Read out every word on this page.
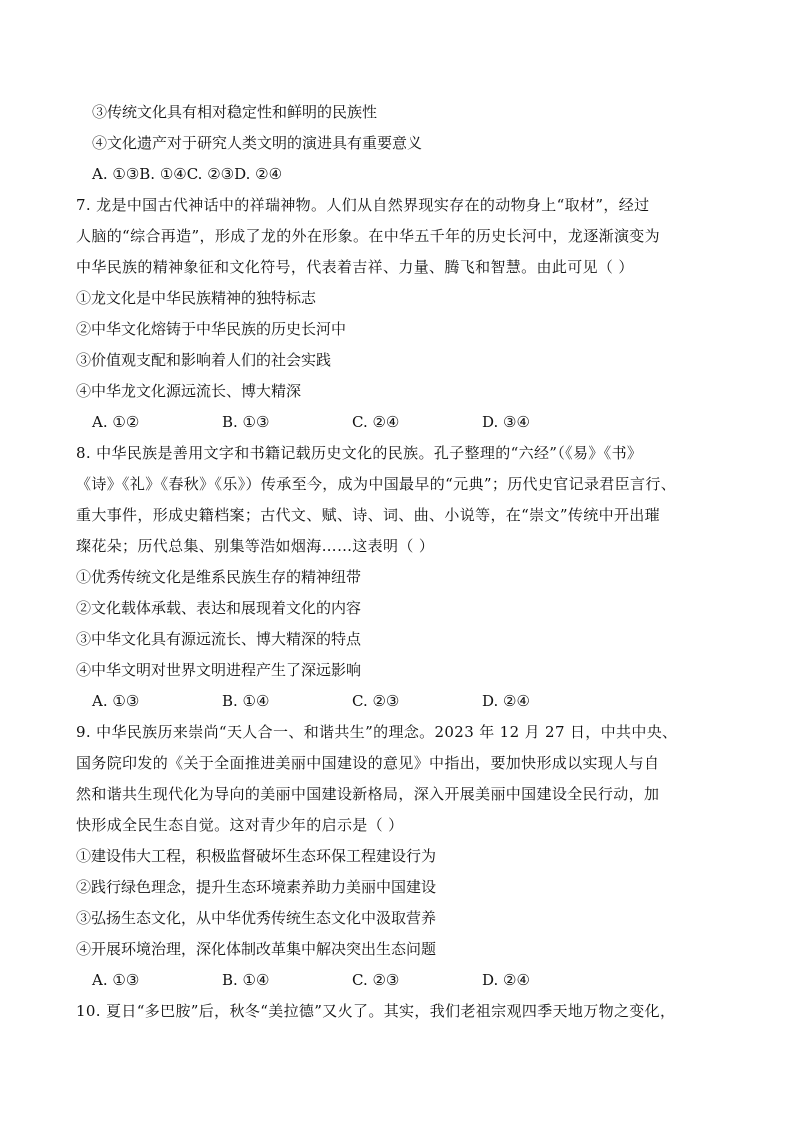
③传统文化具有相对稳定性和鲜明的民族性
④文化遗产对于研究人类文明的演进具有重要意义
A. ①③B. ①④C. ②③D. ②④
7. 龙是中国古代神话中的祥瑞神物。人们从自然界现实存在的动物身上“取材”，经过
人脑的“综合再造”，形成了龙的外在形象。在中华五千年的历史长河中，龙逐渐演变为
中华民族的精神象征和文化符号，代表着吉祥、力量、腾飞和智慧。由此可见（ ）
①龙文化是中华民族精神的独特标志
②中华文化熔铸于中华民族的历史长河中
③价值观支配和影响着人们的社会实践
④中华龙文化源远流长、博大精深
A. ①②	B. ①③	C. ②④	D. ③④
8. 中华民族是善用文字和书籍记载历史文化的民族。孔子整理的“六经”（《易》《书》
《诗》《礼》《春秋》《乐》）传承至今，成为中国最早的“元典”；历代史官记录君臣言行、
重大事件，形成史籍档案；古代文、赋、诗、词、曲、小说等，在“崇文”传统中开出璀
璨花朵；历代总集、别集等浩如烟海……这表明（ ）
①优秀传统文化是维系民族生存的精神纽带
②文化载体承载、表达和展现着文化的内容
③中华文化具有源远流长、博大精深的特点
④中华文明对世界文明进程产生了深远影响
A. ①③	B. ①④	C. ②③	D. ②④
9. 中华民族历来崇尚“天人合一、和谐共生”的理念。2023 年 12 月 27 日，中共中央、
国务院印发的《关于全面推进美丽中国建设的意见》中指出，要加快形成以实现人与自
然和谐共生现代化为导向的美丽中国建设新格局，深入开展美丽中国建设全民行动，加
快形成全民生态自觉。这对青少年的启示是（ ）
①建设伟大工程，积极监督破坏生态环保工程建设行为
②践行绿色理念，提升生态环境素养助力美丽中国建设
③弘扬生态文化，从中华优秀传统生态文化中汲取营养
④开展环境治理，深化体制改革集中解决突出生态问题
A. ①③	B. ①④	C. ②③	D. ②④
10. 夏日“多巴胺”后，秋冬“美拉德”又火了。其实，我们老祖宗观四季天地万物之变化，
